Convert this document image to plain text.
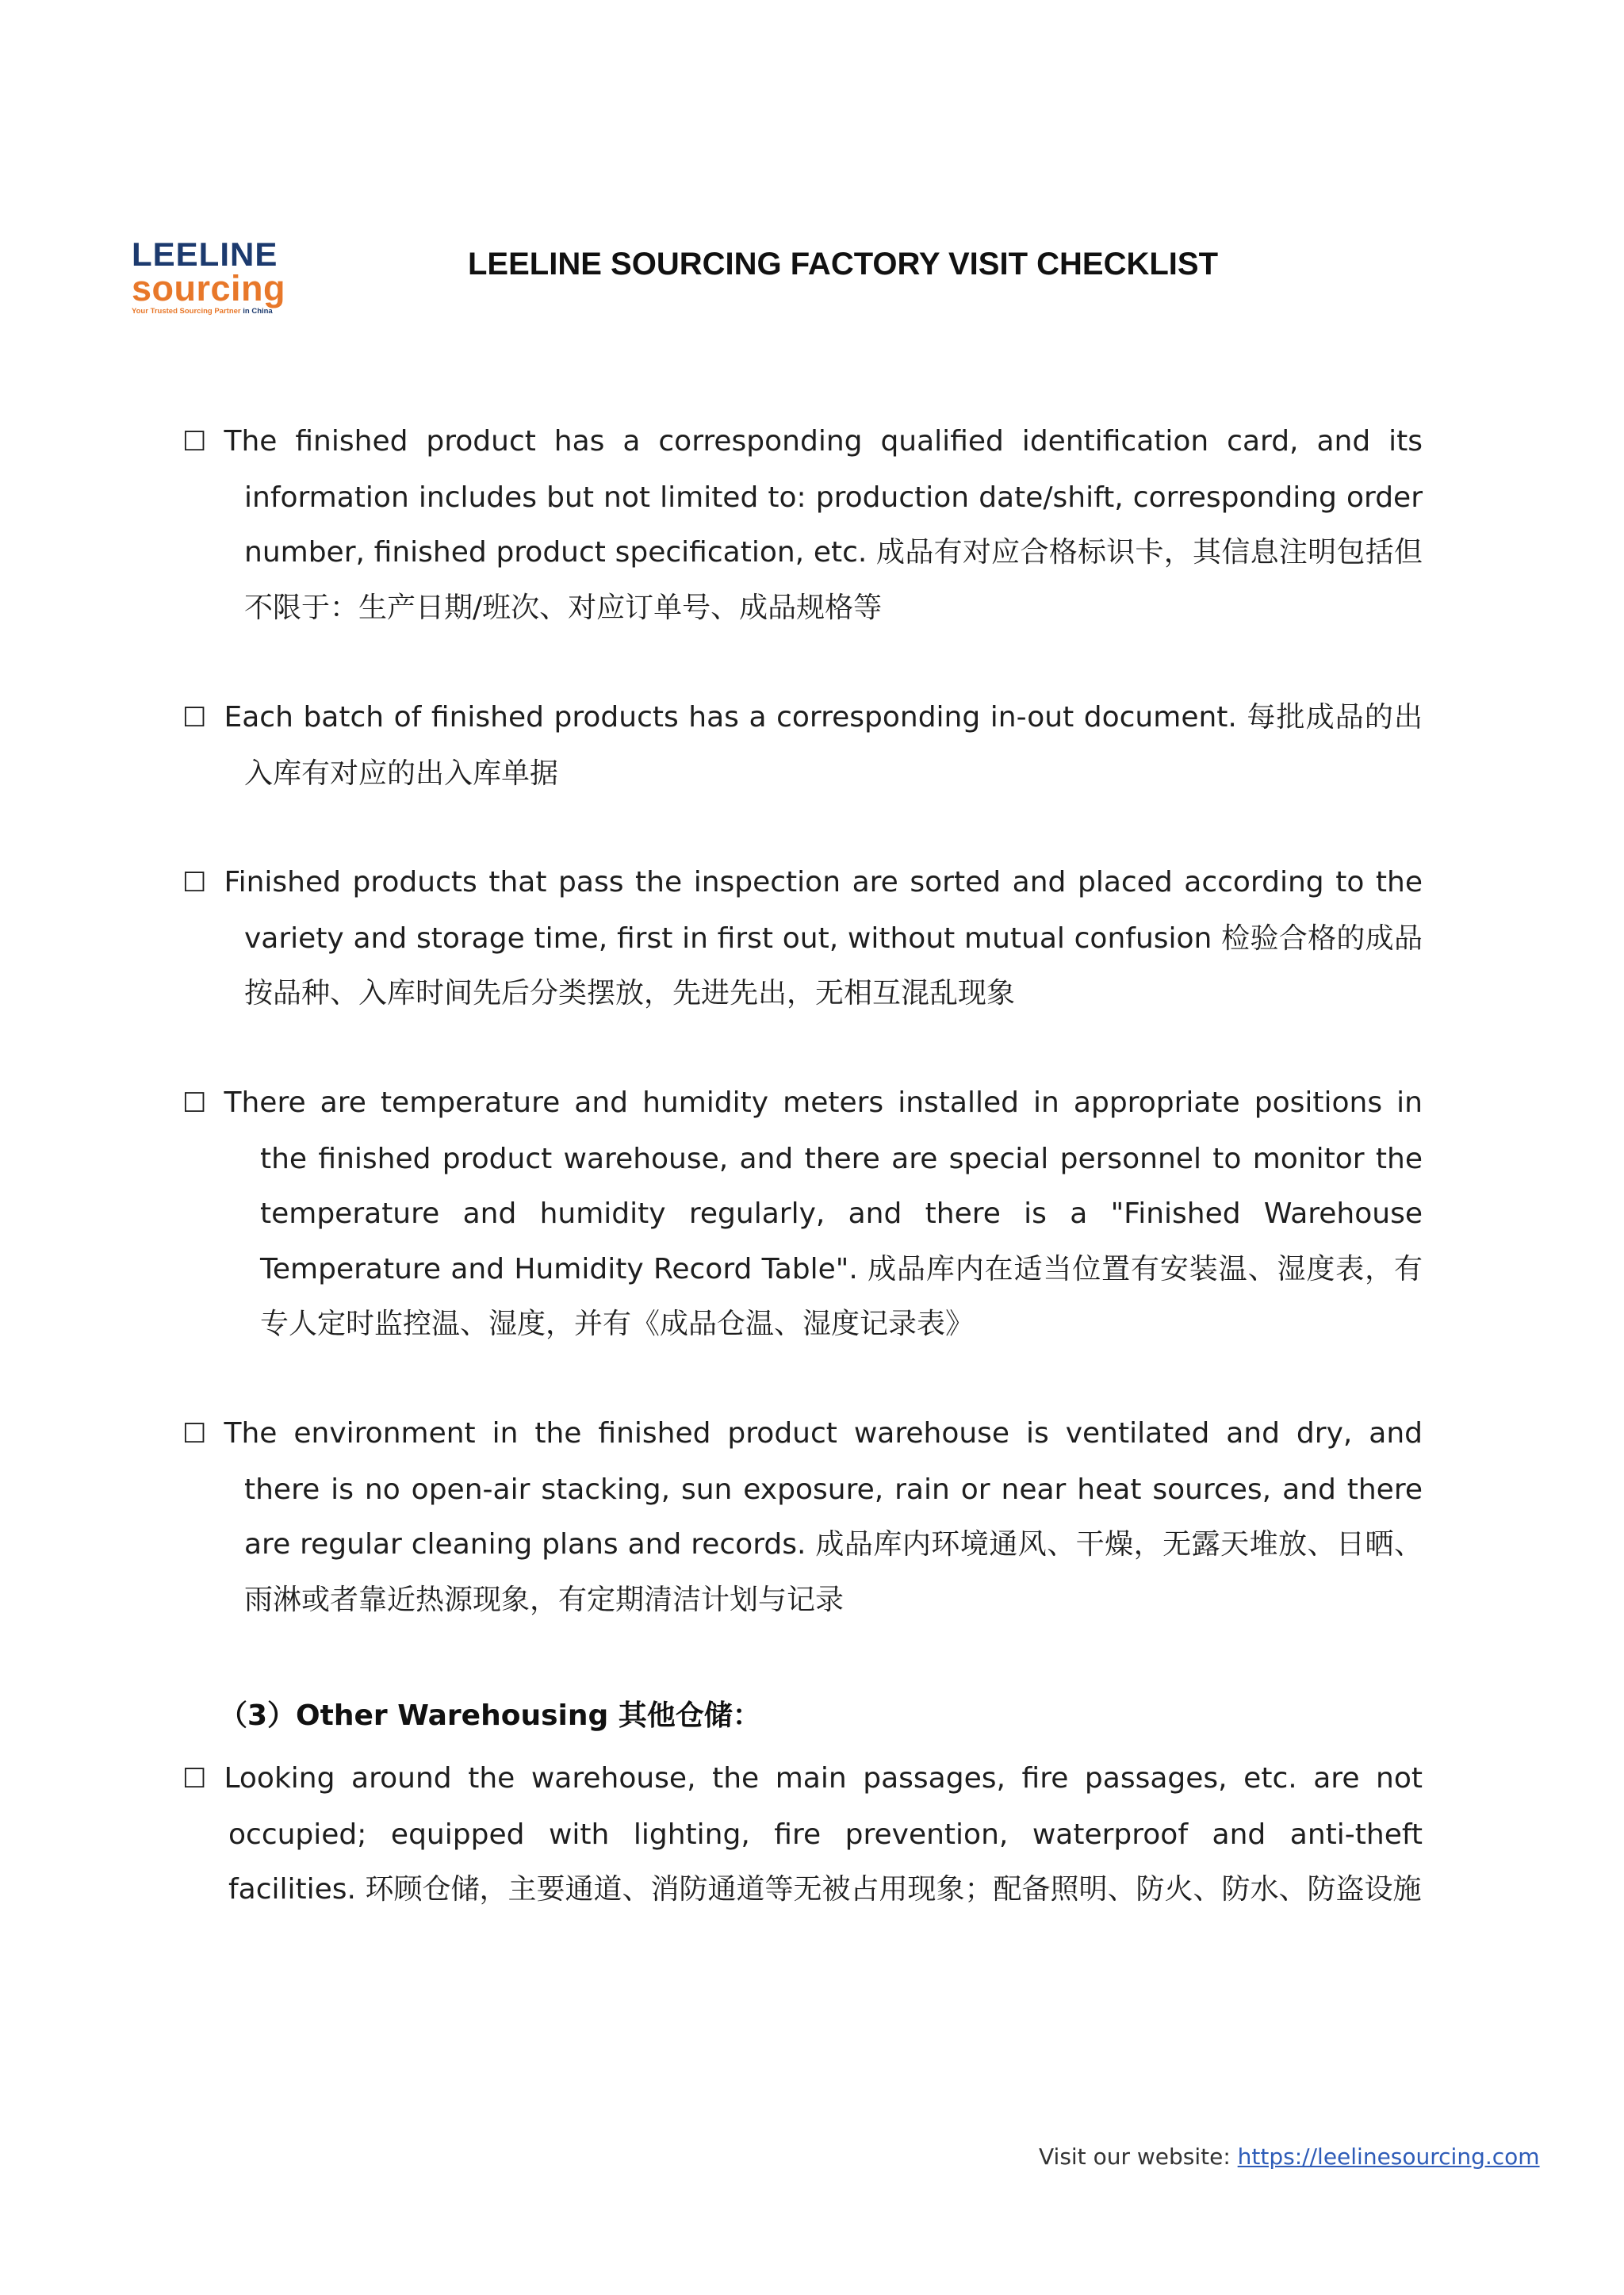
LEELINE
sourcing
Your Trusted Sourcing Partner in China
LEELINE SOURCING FACTORY VISIT CHECKLIST

☐ The finished product has a corresponding qualified identification card, and its information includes but not limited to: production date/shift, corresponding order number, finished product specification, etc. 成品有对应合格标识卡，其信息注明包括但不限于：生产日期/班次、对应订单号、成品规格等

☐ Each batch of finished products has a corresponding in-out document. 每批成品的出入库有对应的出入库单据

☐ Finished products that pass the inspection are sorted and placed according to the variety and storage time, first in first out, without mutual confusion 检验合格的成品按品种、入库时间先后分类摆放，先进先出，无相互混乱现象

☐ There are temperature and humidity meters installed in appropriate positions in the finished product warehouse, and there are special personnel to monitor the temperature and humidity regularly, and there is a "Finished Warehouse Temperature and Humidity Record Table". 成品库内在适当位置有安装温、湿度表，有专人定时监控温、湿度，并有《成品仓温、湿度记录表》

☐ The environment in the finished product warehouse is ventilated and dry, and there is no open-air stacking, sun exposure, rain or near heat sources, and there are regular cleaning plans and records. 成品库内环境通风、干燥，无露天堆放、日晒、雨淋或者靠近热源现象，有定期清洁计划与记录

（3）Other Warehousing 其他仓储：

☐ Looking around the warehouse, the main passages, fire passages, etc. are not occupied; equipped with lighting, fire prevention, waterproof and anti-theft facilities. 环顾仓储，主要通道、消防通道等无被占用现象；配备照明、防火、防水、防盗设施

Visit our website: https://leelinesourcing.com
